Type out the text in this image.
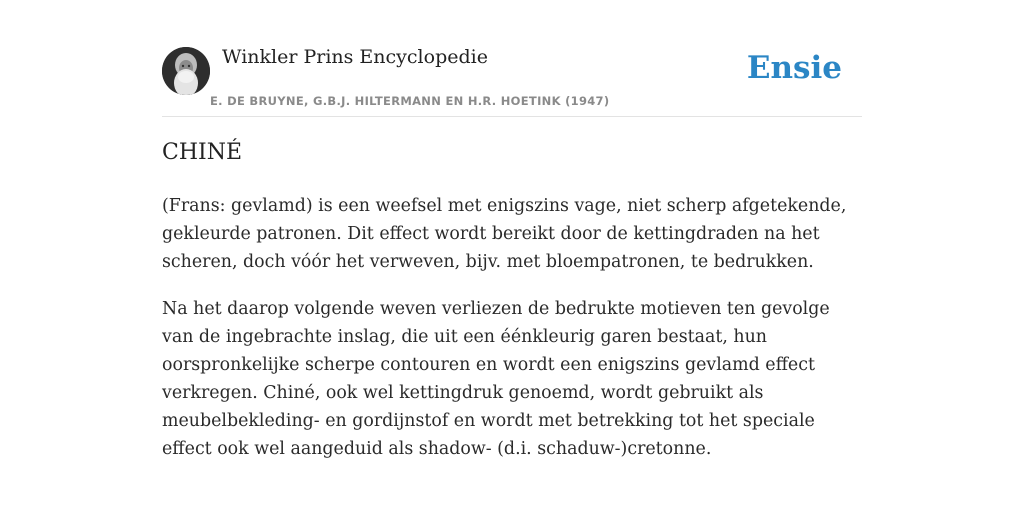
Winkler Prins Encyclopedie
E. DE BRUYNE, G.B.J. HILTERMANN EN H.R. HOETINK (1947)
Ensie
CHINÉ

(Frans: gevlamd) is een weefsel met enigszins vage, niet scherp afgetekende, gekleurde patronen. Dit effect wordt bereikt door de kettingdraden na het scheren, doch vóór het verweven, bijv. met bloempatronen, te bedrukken.

Na het daarop volgende weven verliezen de bedrukte motieven ten gevolge van de ingebrachte inslag, die uit een éénkleurig garen bestaat, hun oorspronkelijke scherpe contouren en wordt een enigszins gevlamd effect verkregen. Chiné, ook wel kettingdruk genoemd, wordt gebruikt als meubelbekleding- en gordijnstof en wordt met betrekking tot het speciale effect ook wel aangeduid als shadow- (d.i. schaduw-)cretonne.
